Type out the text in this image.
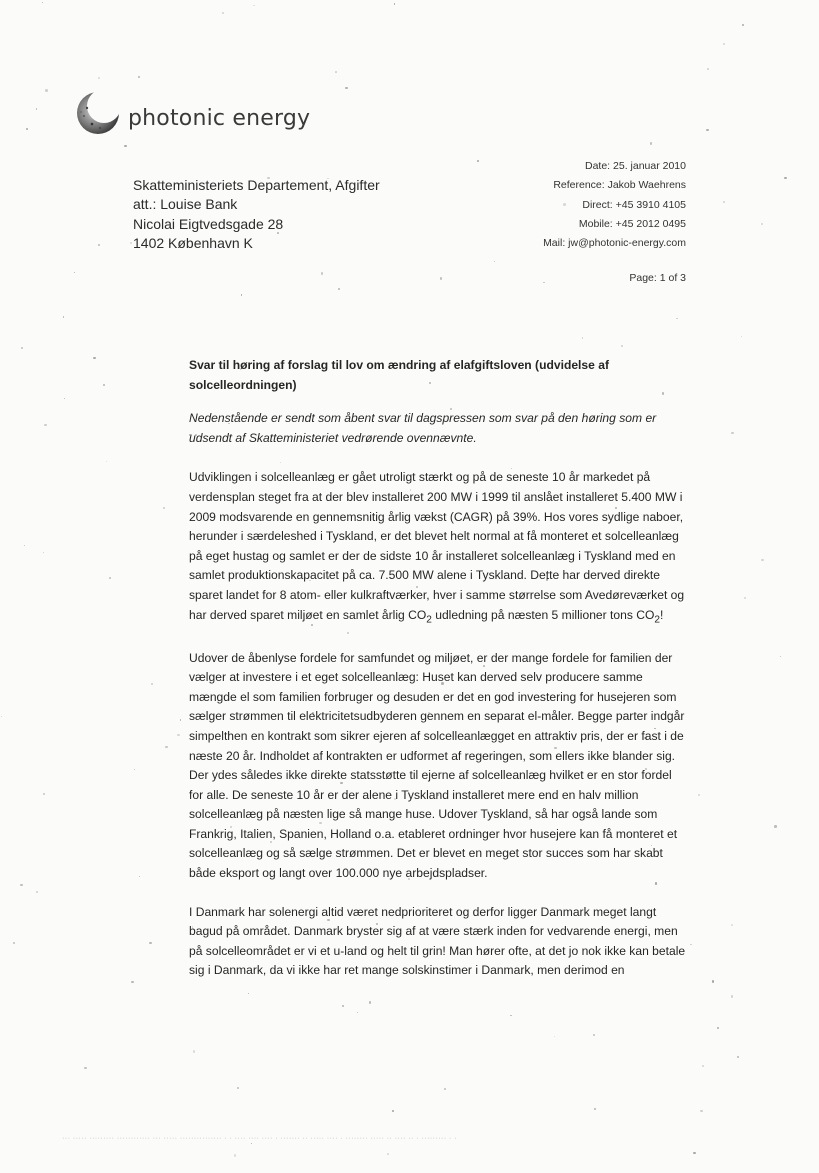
photonic energy
Skatteministeriets Departement, Afgifter
att.: Louise Bank
Nicolai Eigtvedsgade 28
1402 København K
Date: 25. januar 2010
Reference: Jakob Waehrens
Direct: +45 3910 4105
Mobile: +45 2012 0495
Mail: jw@photonic-energy.com
Page: 1 of 3

Svar til høring af forslag til lov om ændring af elafgiftsloven (udvidelse af solcelleordningen)

Nedenstående er sendt som åbent svar til dagspressen som svar på den høring som er udsendt af Skatteministeriet vedrørende ovennævnte.

Udviklingen i solcelleanlæg er gået utroligt stærkt og på de seneste 10 år markedet på verdensplan steget fra at der blev installeret 200 MW i 1999 til anslået installeret 5.400 MW i 2009 modsvarende en gennemsnitig årlig vækst (CAGR) på 39%. Hos vores sydlige naboer, herunder i særdeleshed i Tyskland, er det blevet helt normal at få monteret et solcelleanlæg på eget hustag og samlet er der de sidste 10 år installeret solcelleanlæg i Tyskland med en samlet produktionskapacitet på ca. 7.500 MW alene i Tyskland. Dette har derved direkte sparet landet for 8 atom- eller kulkraftværker, hver i samme størrelse som Avedøreværket og har derved sparet miljøet en samlet årlig $CO_2$ udledning på næsten 5 millioner tons $CO_2$!

Udover de åbenlyse fordele for samfundet og miljøet, er der mange fordele for familien der vælger at investere i et eget solcelleanlæg: Huset kan derved selv producere samme mængde el som familien forbruger og desuden er det en god investering for husejeren som sælger strømmen til elektricitetsudbyderen gennem en separat el-måler. Begge parter indgår simpelthen en kontrakt som sikrer ejeren af solcelleanlægget en attraktiv pris, der er fast i de næste 20 år. Indholdet af kontrakten er udformet af regeringen, som ellers ikke blander sig. Der ydes således ikke direkte statsstøtte til ejerne af solcelleanlæg hvilket er en stor fordel for alle. De seneste 10 år er der alene i Tyskland installeret mere end en halv million solcelleanlæg på næsten lige så mange huse. Udover Tyskland, så har også lande som Frankrig, Italien, Spanien, Holland o.a. etableret ordninger hvor husejere kan få monteret et solcelleanlæg og så sælge strømmen. Det er blevet en meget stor succes som har skabt både eksport og langt over 100.000 nye arbejdspladser.

I Danmark har solenergi altid været nedprioriteret og derfor ligger Danmark meget langt bagud på området. Danmark bryster sig af at være stærk inden for vedvarende energi, men på solcelleområdet er vi et u-land og helt til grin! Man hører ofte, at det jo nok ikke kan betale sig i Danmark, da vi ikke har ret mange solskinstimer i Danmark, men derimod en

··· ····· ········· ············ ··· ····· ··············· · · ···· ···· ···· · ······· ·· ····· ···· · ········ ····· ·· ···· ·· · ········· · ·
